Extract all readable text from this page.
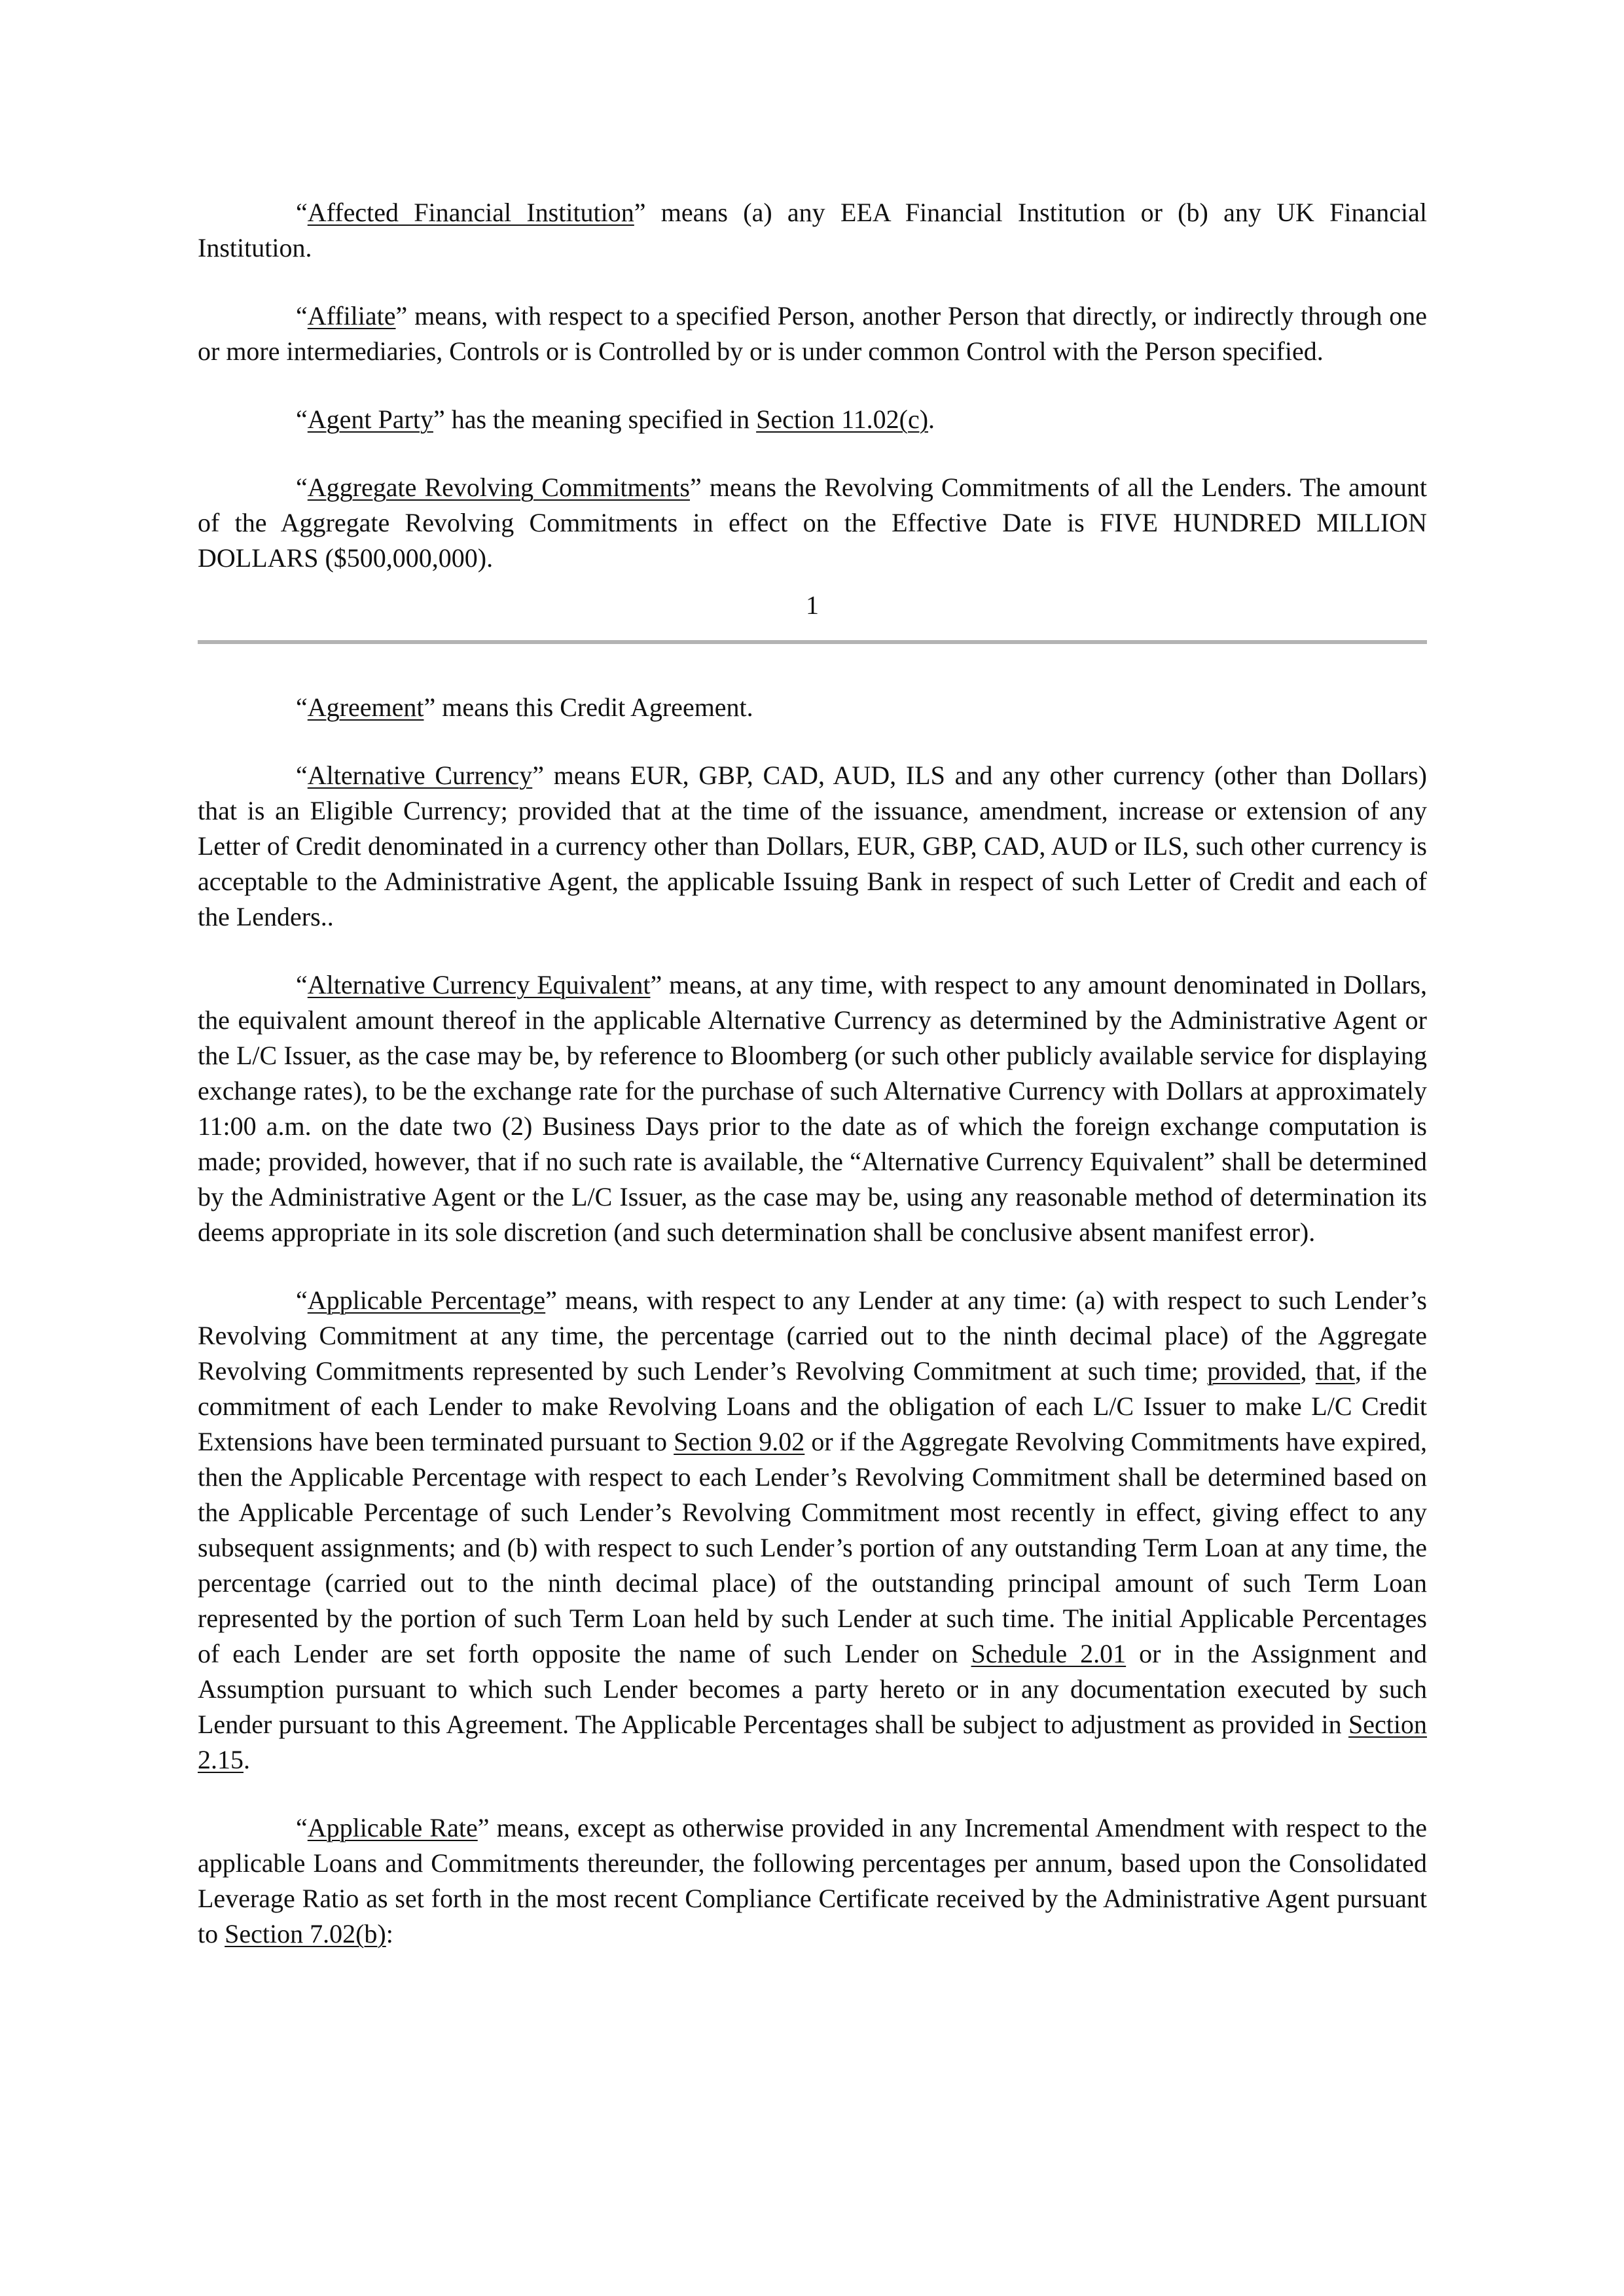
“Affected Financial Institution” means (a) any EEA Financial Institution or (b) any UK Financial Institution.

“Affiliate” means, with respect to a specified Person, another Person that directly, or indirectly through one or more intermediaries, Controls or is Controlled by or is under common Control with the Person specified.

“Agent Party” has the meaning specified in Section 11.02(c).

“Aggregate Revolving Commitments” means the Revolving Commitments of all the Lenders. The amount of the Aggregate Revolving Commitments in effect on the Effective Date is FIVE HUNDRED MILLION DOLLARS ($500,000,000).

1

“Agreement” means this Credit Agreement.

“Alternative Currency” means EUR, GBP, CAD, AUD, ILS and any other currency (other than Dollars) that is an Eligible Currency; provided that at the time of the issuance, amendment, increase or extension of any Letter of Credit denominated in a currency other than Dollars, EUR, GBP, CAD, AUD or ILS, such other currency is acceptable to the Administrative Agent, the applicable Issuing Bank in respect of such Letter of Credit and each of the Lenders..

“Alternative Currency Equivalent” means, at any time, with respect to any amount denominated in Dollars, the equivalent amount thereof in the applicable Alternative Currency as determined by the Administrative Agent or the L/C Issuer, as the case may be, by reference to Bloomberg (or such other publicly available service for displaying exchange rates), to be the exchange rate for the purchase of such Alternative Currency with Dollars at approximately 11:00 a.m. on the date two (2) Business Days prior to the date as of which the foreign exchange computation is made; provided, however, that if no such rate is available, the “Alternative Currency Equivalent” shall be determined by the Administrative Agent or the L/C Issuer, as the case may be, using any reasonable method of determination its deems appropriate in its sole discretion (and such determination shall be conclusive absent manifest error).

“Applicable Percentage” means, with respect to any Lender at any time: (a) with respect to such Lender’s Revolving Commitment at any time, the percentage (carried out to the ninth decimal place) of the Aggregate Revolving Commitments represented by such Lender’s Revolving Commitment at such time; provided, that, if the commitment of each Lender to make Revolving Loans and the obligation of each L/C Issuer to make L/C Credit Extensions have been terminated pursuant to Section 9.02 or if the Aggregate Revolving Commitments have expired, then the Applicable Percentage with respect to each Lender’s Revolving Commitment shall be determined based on the Applicable Percentage of such Lender’s Revolving Commitment most recently in effect, giving effect to any subsequent assignments; and (b) with respect to such Lender’s portion of any outstanding Term Loan at any time, the percentage (carried out to the ninth decimal place) of the outstanding principal amount of such Term Loan represented by the portion of such Term Loan held by such Lender at such time. The initial Applicable Percentages of each Lender are set forth opposite the name of such Lender on Schedule 2.01 or in the Assignment and Assumption pursuant to which such Lender becomes a party hereto or in any documentation executed by such Lender pursuant to this Agreement. The Applicable Percentages shall be subject to adjustment as provided in Section 2.15.

“Applicable Rate” means, except as otherwise provided in any Incremental Amendment with respect to the applicable Loans and Commitments thereunder, the following percentages per annum, based upon the Consolidated Leverage Ratio as set forth in the most recent Compliance Certificate received by the Administrative Agent pursuant to Section 7.02(b):
